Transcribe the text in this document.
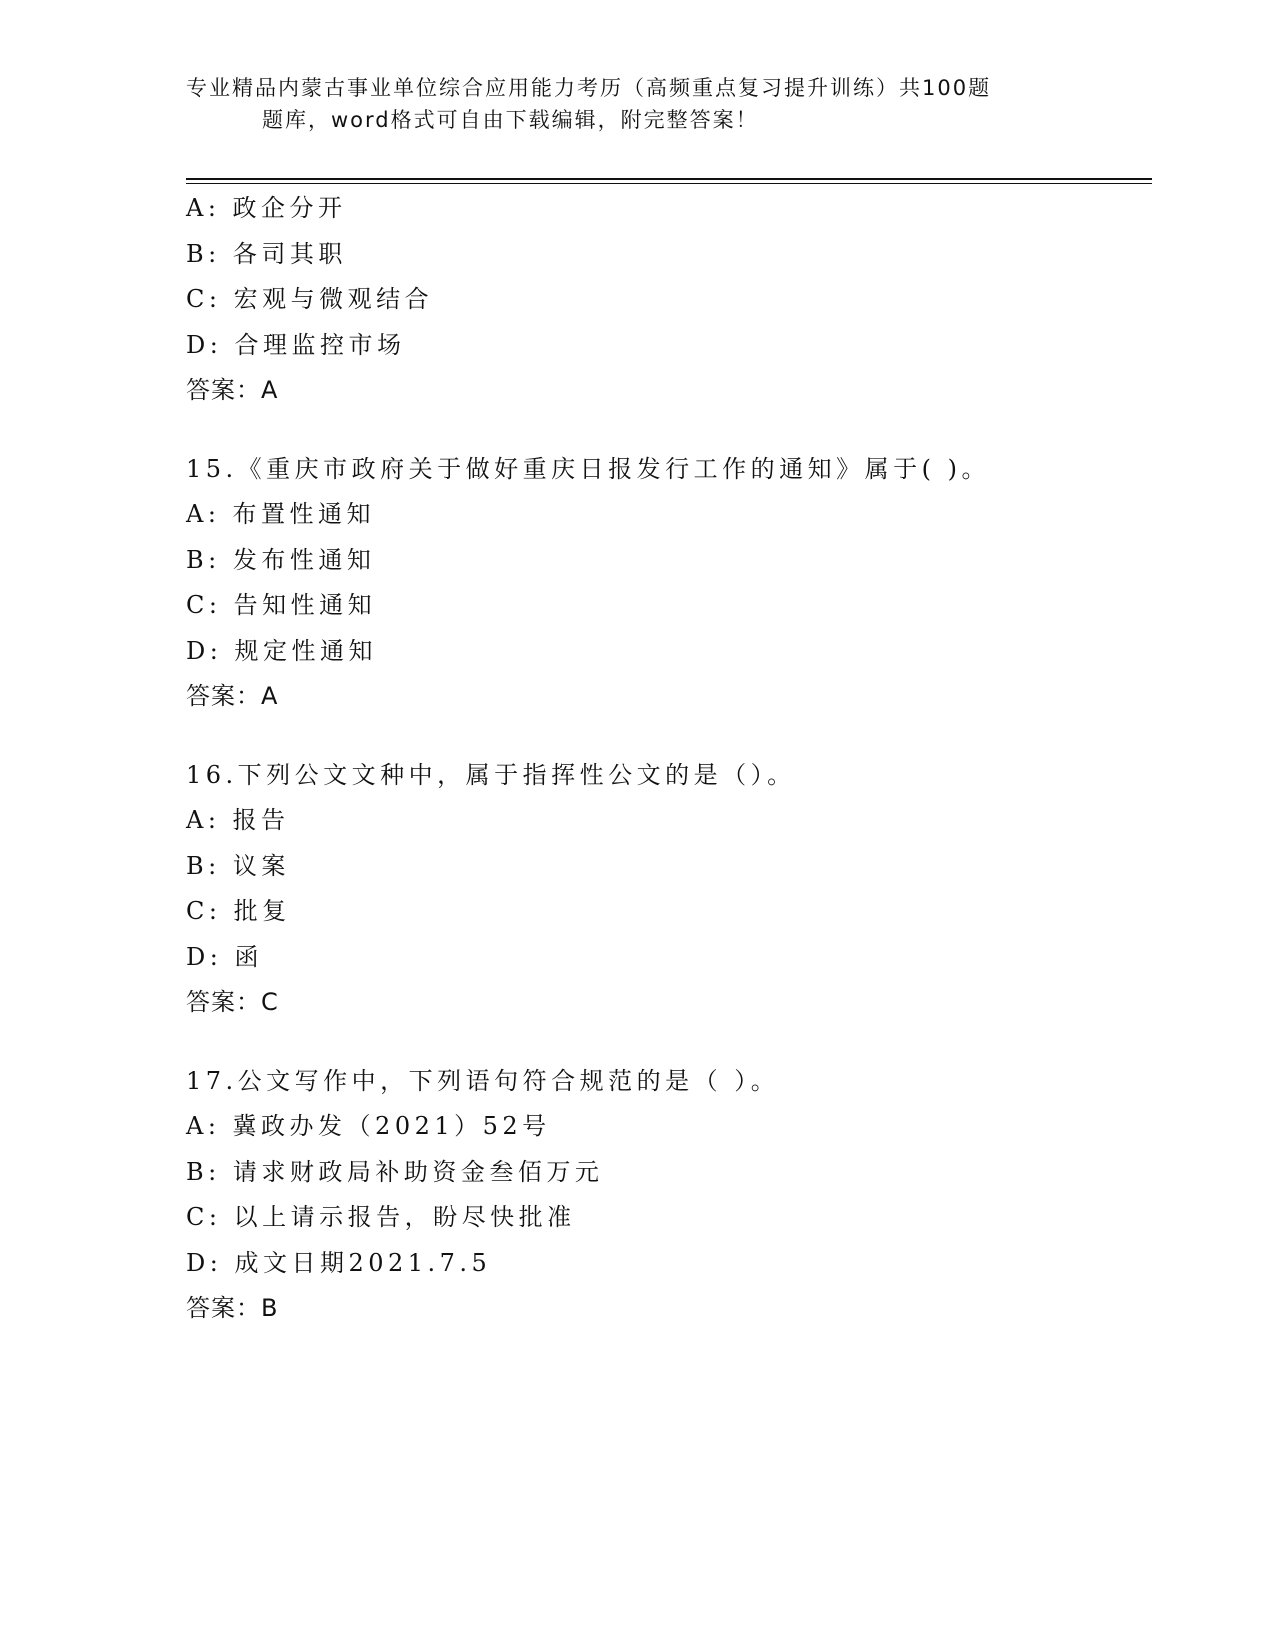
专业精品内蒙古事业单位综合应用能力考历（高频重点复习提升训练）共100题
题库，word格式可自由下载编辑，附完整答案！
A: 政企分开
B: 各司其职
C: 宏观与微观结合
D: 合理监控市场
答案：A
15.《重庆市政府关于做好重庆日报发行工作的通知》属于( )。
A: 布置性通知
B: 发布性通知
C: 告知性通知
D: 规定性通知
答案：A
16.下列公文文种中，属于指挥性公文的是（）。
A: 报告
B: 议案
C: 批复
D: 函
答案：C
17.公文写作中，下列语句符合规范的是（ ）。
A: 冀政办发（2021）52号
B: 请求财政局补助资金叁佰万元
C: 以上请示报告，盼尽快批准
D: 成文日期2021.7.5
答案：B
